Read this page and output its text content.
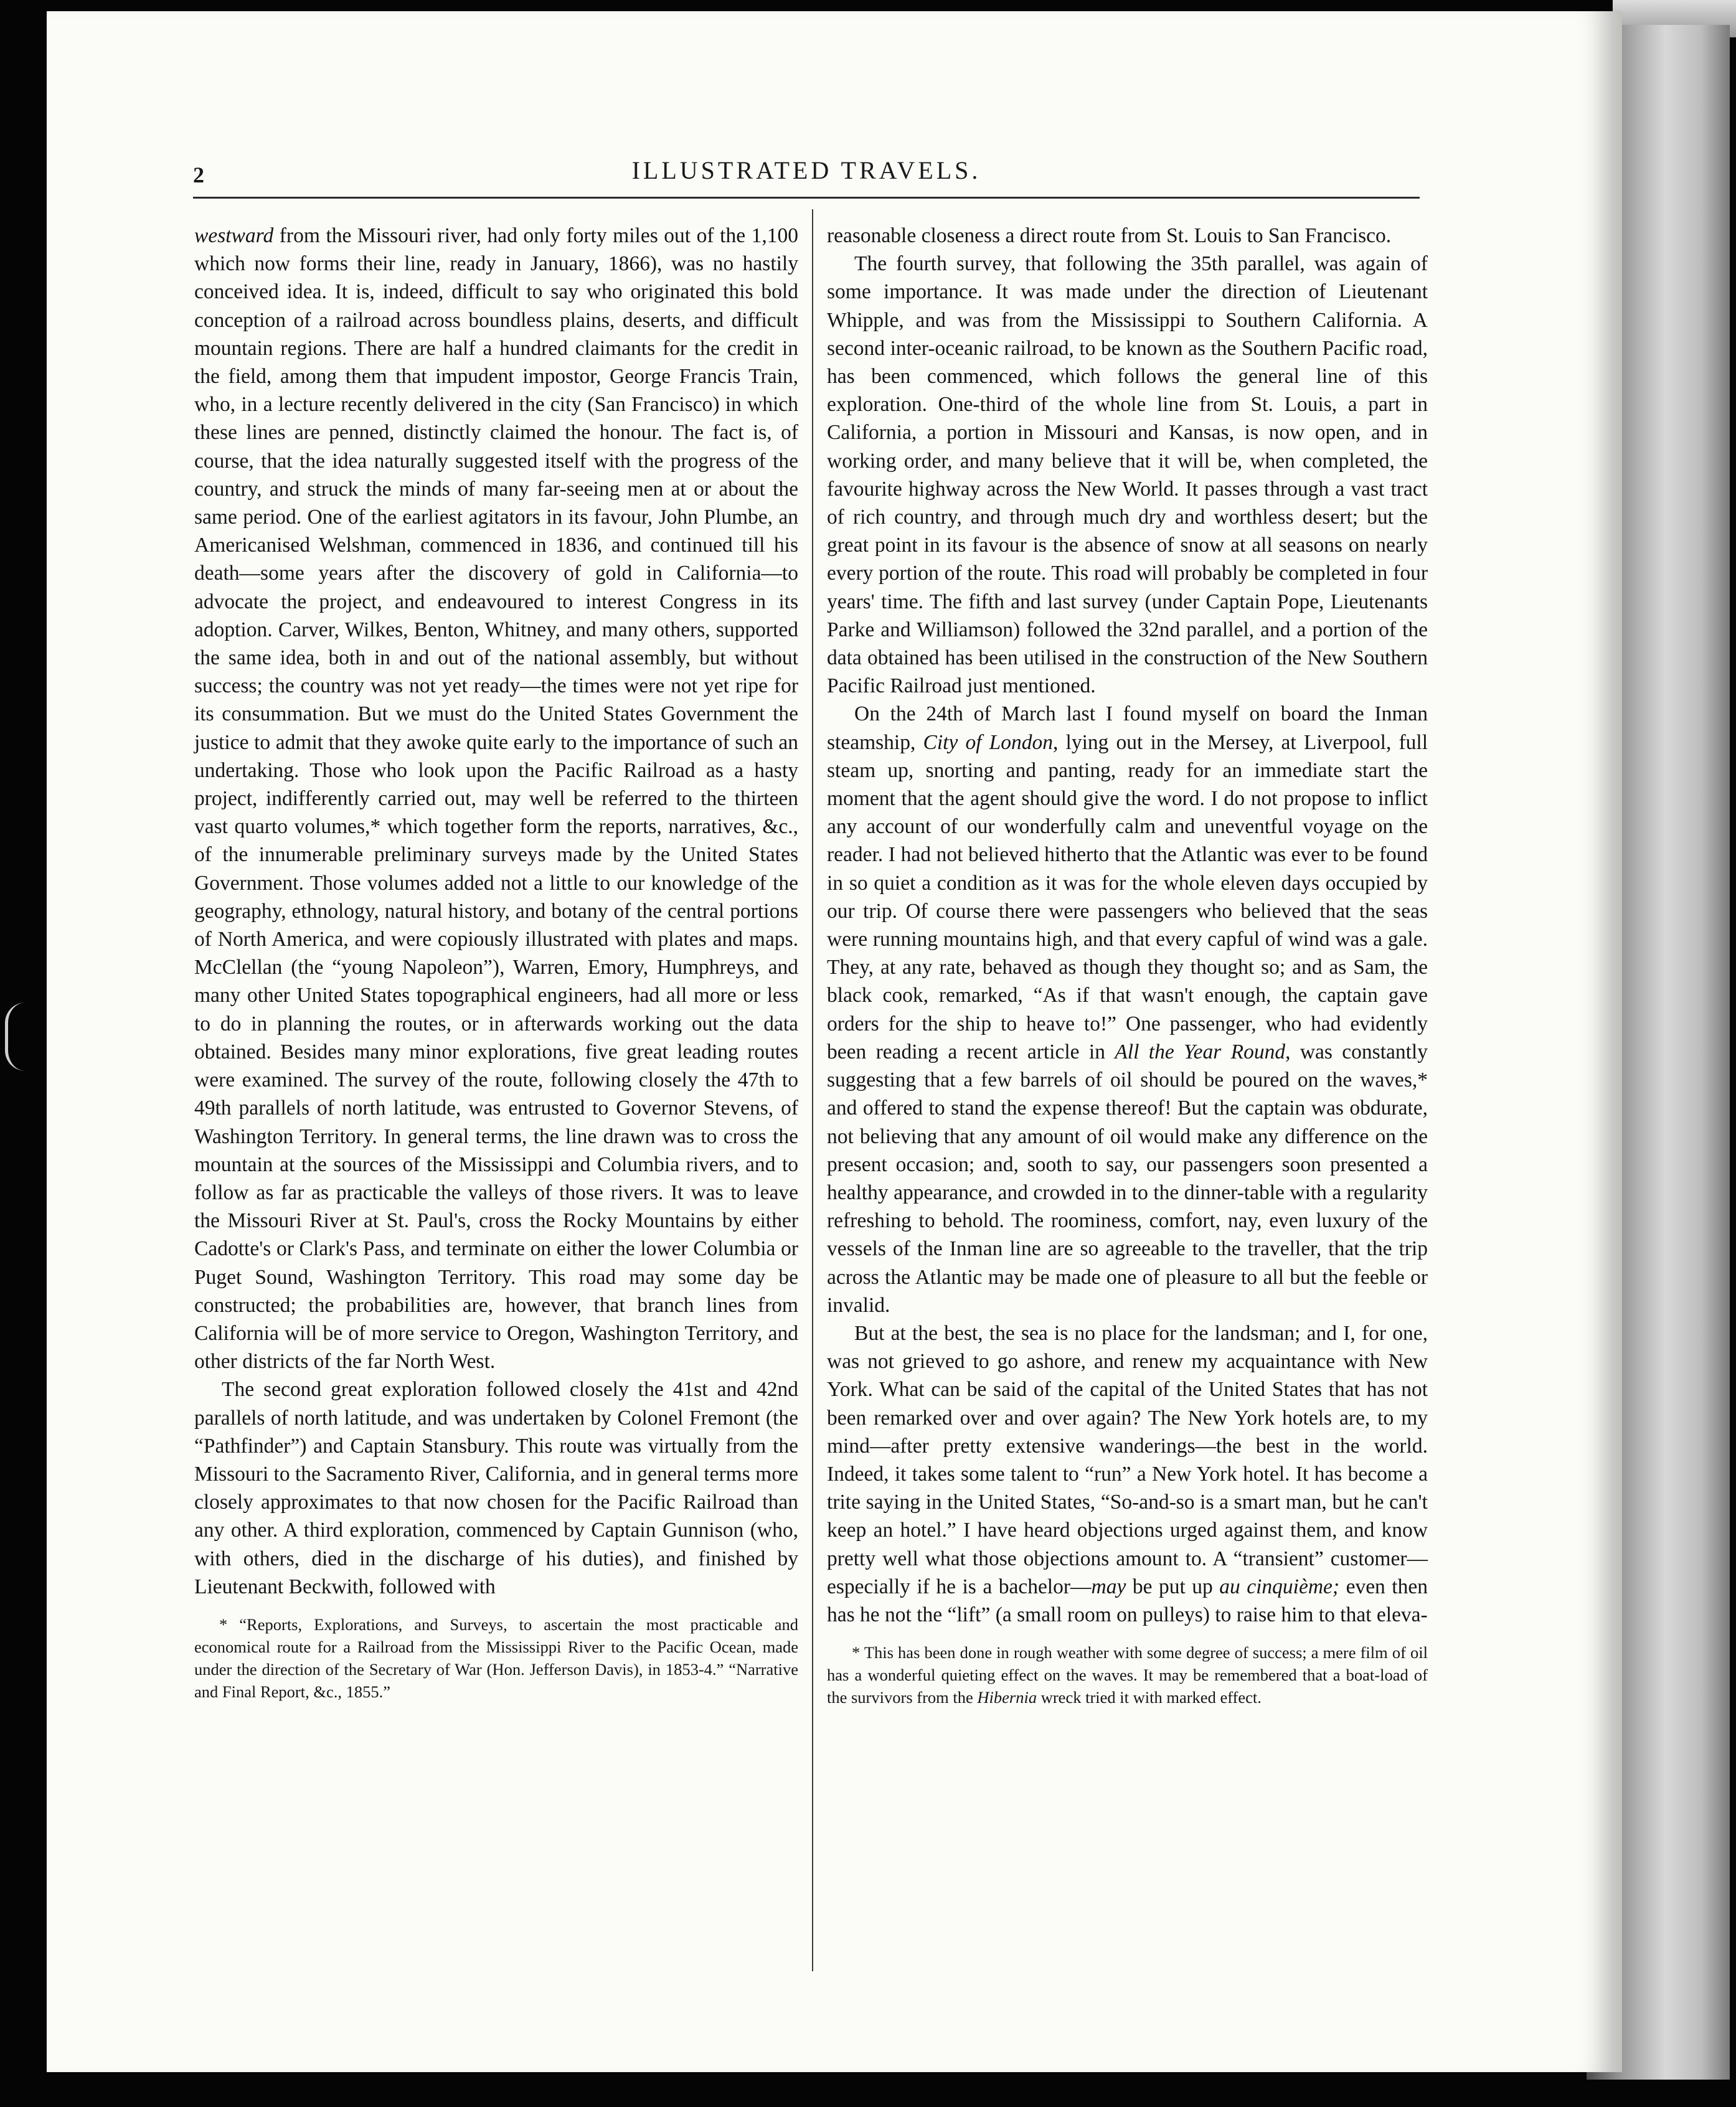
2	ILLUSTRATED TRAVELS.

westward from the Missouri river, had only forty miles out of the 1,100 which now forms their line, ready in January, 1866), was no hastily conceived idea. It is, indeed, difficult to say who originated this bold conception of a railroad across boundless plains, deserts, and difficult mountain regions. There are half a hundred claimants for the credit in the field, among them that impudent impostor, George Francis Train, who, in a lecture recently delivered in the city (San Francisco) in which these lines are penned, distinctly claimed the honour. The fact is, of course, that the idea naturally suggested itself with the progress of the country, and struck the minds of many far-seeing men at or about the same period. One of the earliest agitators in its favour, John Plumbe, an Americanised Welshman, commenced in 1836, and continued till his death—some years after the discovery of gold in California—to advocate the project, and endeavoured to interest Congress in its adoption. Carver, Wilkes, Benton, Whitney, and many others, supported the same idea, both in and out of the national assembly, but without success; the country was not yet ready—the times were not yet ripe for its consummation. But we must do the United States Government the justice to admit that they awoke quite early to the importance of such an undertaking. Those who look upon the Pacific Railroad as a hasty project, indifferently carried out, may well be referred to the thirteen vast quarto volumes,* which together form the reports, narratives, &c., of the innumerable preliminary surveys made by the United States Government. Those volumes added not a little to our knowledge of the geography, ethnology, natural history, and botany of the central portions of North America, and were copiously illustrated with plates and maps. McClellan (the “young Napoleon”), Warren, Emory, Humphreys, and many other United States topographical engineers, had all more or less to do in planning the routes, or in afterwards working out the data obtained. Besides many minor explorations, five great leading routes were examined. The survey of the route, following closely the 47th to 49th parallels of north latitude, was entrusted to Governor Stevens, of Washington Territory. In general terms, the line drawn was to cross the mountain at the sources of the Mississippi and Columbia rivers, and to follow as far as practicable the valleys of those rivers. It was to leave the Missouri River at St. Paul's, cross the Rocky Mountains by either Cadotte's or Clark's Pass, and terminate on either the lower Columbia or Puget Sound, Washington Territory. This road may some day be constructed; the probabilities are, however, that branch lines from California will be of more service to Oregon, Washington Territory, and other districts of the far North West.

The second great exploration followed closely the 41st and 42nd parallels of north latitude, and was undertaken by Colonel Fremont (the “Pathfinder”) and Captain Stansbury. This route was virtually from the Missouri to the Sacramento River, California, and in general terms more closely approximates to that now chosen for the Pacific Railroad than any other. A third exploration, commenced by Captain Gunnison (who, with others, died in the discharge of his duties), and finished by Lieutenant Beckwith, followed with

* “Reports, Explorations, and Surveys, to ascertain the most practicable and economical route for a Railroad from the Mississippi River to the Pacific Ocean, made under the direction of the Secretary of War (Hon. Jefferson Davis), in 1853-4.” “Narrative and Final Report, &c., 1855.”

reasonable closeness a direct route from St. Louis to San Francisco.

The fourth survey, that following the 35th parallel, was again of some importance. It was made under the direction of Lieutenant Whipple, and was from the Mississippi to Southern California. A second inter-oceanic railroad, to be known as the Southern Pacific road, has been commenced, which follows the general line of this exploration. One-third of the whole line from St. Louis, a part in California, a portion in Missouri and Kansas, is now open, and in working order, and many believe that it will be, when completed, the favourite highway across the New World. It passes through a vast tract of rich country, and through much dry and worthless desert; but the great point in its favour is the absence of snow at all seasons on nearly every portion of the route. This road will probably be completed in four years' time. The fifth and last survey (under Captain Pope, Lieutenants Parke and Williamson) followed the 32nd parallel, and a portion of the data obtained has been utilised in the construction of the New Southern Pacific Railroad just mentioned.

On the 24th of March last I found myself on board the Inman steamship, City of London, lying out in the Mersey, at Liverpool, full steam up, snorting and panting, ready for an immediate start the moment that the agent should give the word. I do not propose to inflict any account of our wonderfully calm and uneventful voyage on the reader. I had not believed hitherto that the Atlantic was ever to be found in so quiet a condition as it was for the whole eleven days occupied by our trip. Of course there were passengers who believed that the seas were running mountains high, and that every capful of wind was a gale. They, at any rate, behaved as though they thought so; and as Sam, the black cook, remarked, “As if that wasn't enough, the captain gave orders for the ship to heave to!” One passenger, who had evidently been reading a recent article in All the Year Round, was constantly suggesting that a few barrels of oil should be poured on the waves,* and offered to stand the expense thereof! But the captain was obdurate, not believing that any amount of oil would make any difference on the present occasion; and, sooth to say, our passengers soon presented a healthy appearance, and crowded in to the dinner-table with a regularity refreshing to behold. The roominess, comfort, nay, even luxury of the vessels of the Inman line are so agreeable to the traveller, that the trip across the Atlantic may be made one of pleasure to all but the feeble or invalid.

But at the best, the sea is no place for the landsman; and I, for one, was not grieved to go ashore, and renew my acquaintance with New York. What can be said of the capital of the United States that has not been remarked over and over again? The New York hotels are, to my mind—after pretty extensive wanderings—the best in the world. Indeed, it takes some talent to “run” a New York hotel. It has become a trite saying in the United States, “So-and-so is a smart man, but he can't keep an hotel.” I have heard objections urged against them, and know pretty well what those objections amount to. A “transient” customer—especially if he is a bachelor—may be put up au cinquième; even then has he not the “lift” (a small room on pulleys) to raise him to that eleva-

* This has been done in rough weather with some degree of success; a mere film of oil has a wonderful quieting effect on the waves. It may be remembered that a boat-load of the survivors from the Hibernia wreck tried it with marked effect.
